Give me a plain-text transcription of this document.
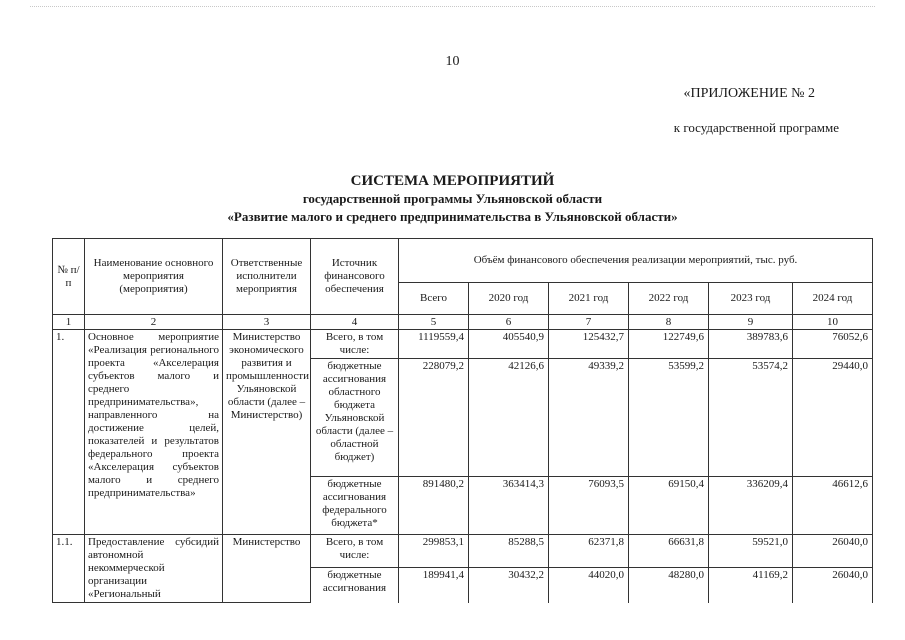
10
«ПРИЛОЖЕНИЕ № 2
к государственной программе
СИСТЕМА МЕРОПРИЯТИЙ
государственной программы Ульяновской области
«Развитие малого и среднего предпринимательства в Ульяновской области»
№ п/п	Наименование основного мероприятия (мероприятия)	Ответственные исполнители мероприятия	Источник финансового обеспечения	Объём финансового обеспечения реализации мероприятий, тыс. руб.					
				Всего	2020 год	2021 год	2022 год	2023 год	2024 год
1	2	3	4	5	6	7	8	9	10
1.	Основное мероприятие «Реализация регионального проекта «Акселерация субъектов малого и среднего предпринимательства», направленного на достижение целей, показателей и результатов федерального проекта «Акселерация субъектов малого и среднего предпринимательства»	Министерство экономического развития и промышленности Ульяновской области (далее – Министерство)	Всего, в том числе:	1119559,4	405540,9	125432,7	122749,6	389783,6	76052,6
			бюджетные ассигнования областного бюджета Ульяновской области (далее – областной бюджет)	228079,2	42126,6	49339,2	53599,2	53574,2	29440,0
			бюджетные ассигнования федерального бюджета*	891480,2	363414,3	76093,5	69150,4	336209,4	46612,6
1.1.	Предоставление субсидий автономной некоммерческой организации «Региональный	Министерство	Всего, в том числе:	299853,1	85288,5	62371,8	66631,8	59521,0	26040,0
			бюджетные ассигнования	189941,4	30432,2	44020,0	48280,0	41169,2	26040,0
